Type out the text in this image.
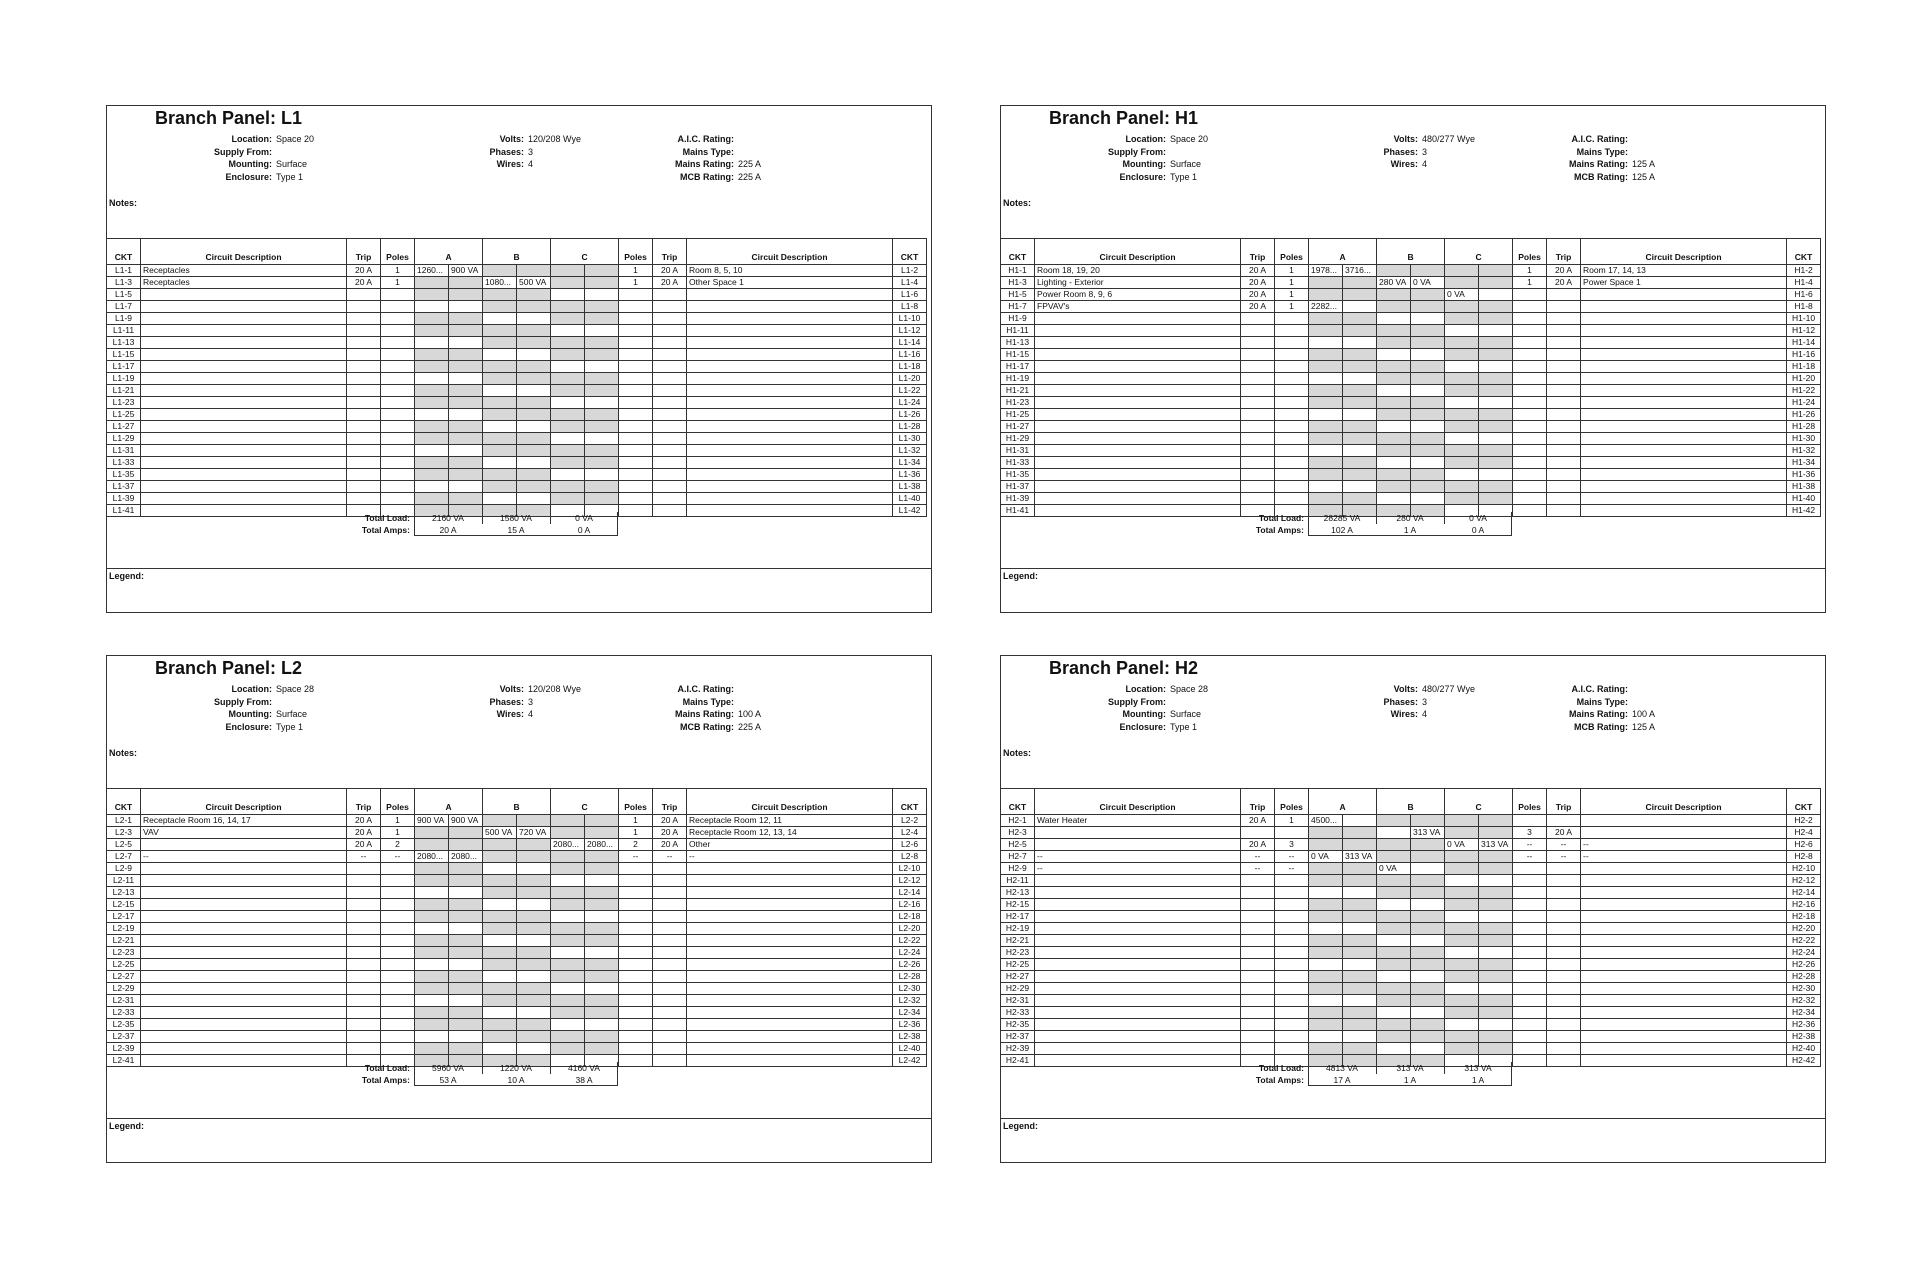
Branch Panel: L1
Location: Space 20
Supply From:
Mounting: Surface
Enclosure: Type 1
Volts: 120/208 Wye
Phases: 3
Wires: 4
A.I.C. Rating:
Mains Type:
Mains Rating: 225 A
MCB Rating: 225 A
Notes:
CKT	Circuit Description	Trip	Poles	A		B		C		Poles	Trip	Circuit Description	CKT
L1-1	Receptacles	20 A	1	1260...	900 VA					1	20 A	Room 8, 5, 10	L1-2
L1-3	Receptacles	20 A	1			1080...	500 VA			1	20 A	Other Space 1	L1-4
L1-5													L1-6
L1-7													L1-8
L1-9													L1-10
L1-11													L1-12
L1-13													L1-14
L1-15													L1-16
L1-17													L1-18
L1-19													L1-20
L1-21													L1-22
L1-23													L1-24
L1-25													L1-26
L1-27													L1-28
L1-29													L1-30
L1-31													L1-32
L1-33													L1-34
L1-35													L1-36
L1-37													L1-38
L1-39													L1-40
L1-41													L1-42
Total Load:	2160 VA	1580 VA	0 VA
Total Amps:	20 A	15 A	0 A
Legend:
Branch Panel: H1
Location: Space 20
Supply From:
Mounting: Surface
Enclosure: Type 1
Volts: 480/277 Wye
Phases: 3
Wires: 4
A.I.C. Rating:
Mains Type:
Mains Rating: 125 A
MCB Rating: 125 A
Notes:
CKT	Circuit Description	Trip	Poles	A		B		C		Poles	Trip	Circuit Description	CKT
H1-1	Room 18, 19, 20	20 A	1	1978...	3716...					1	20 A	Room 17, 14, 13	H1-2
H1-3	Lighting - Exterior	20 A	1			280 VA	0 VA			1	20 A	Power Space 1	H1-4
H1-5	Power Room 8, 9, 6	20 A	1					0 VA					H1-6
H1-7	FPVAV's	20 A	1	2282...									H1-8
H1-9													H1-10
H1-11													H1-12
H1-13													H1-14
H1-15													H1-16
H1-17													H1-18
H1-19													H1-20
H1-21													H1-22
H1-23													H1-24
H1-25													H1-26
H1-27													H1-28
H1-29													H1-30
H1-31													H1-32
H1-33													H1-34
H1-35													H1-36
H1-37													H1-38
H1-39													H1-40
H1-41													H1-42
Total Load:	28285 VA	280 VA	0 VA
Total Amps:	102 A	1 A	0 A
Legend:
Branch Panel: L2
Location: Space 28
Supply From:
Mounting: Surface
Enclosure: Type 1
Volts: 120/208 Wye
Phases: 3
Wires: 4
A.I.C. Rating:
Mains Type:
Mains Rating: 100 A
MCB Rating: 225 A
Notes:
CKT	Circuit Description	Trip	Poles	A		B		C		Poles	Trip	Circuit Description	CKT
L2-1	Receptacle Room 16, 14, 17	20 A	1	900 VA	900 VA					1	20 A	Receptacle Room 12, 11	L2-2
L2-3	VAV	20 A	1			500 VA	720 VA			1	20 A	Receptacle Room 12, 13, 14	L2-4
L2-5		20 A	2					2080...	2080...	2	20 A	Other	L2-6
L2-7	--	--	--	2080...	2080...					--	--	--	L2-8
L2-9													L2-10
L2-11													L2-12
L2-13													L2-14
L2-15													L2-16
L2-17													L2-18
L2-19													L2-20
L2-21													L2-22
L2-23													L2-24
L2-25													L2-26
L2-27													L2-28
L2-29													L2-30
L2-31													L2-32
L2-33													L2-34
L2-35													L2-36
L2-37													L2-38
L2-39													L2-40
L2-41													L2-42
Total Load:	5960 VA	1220 VA	4160 VA
Total Amps:	53 A	10 A	38 A
Legend:
Branch Panel: H2
Location: Space 28
Supply From:
Mounting: Surface
Enclosure: Type 1
Volts: 480/277 Wye
Phases: 3
Wires: 4
A.I.C. Rating:
Mains Type:
Mains Rating: 100 A
MCB Rating: 125 A
Notes:
CKT	Circuit Description	Trip	Poles	A		B		C		Poles	Trip	Circuit Description	CKT
H2-1	Water Heater	20 A	1	4500...									H2-2
H2-3							313 VA			3	20 A		H2-4
H2-5		20 A	3					0 VA	313 VA	--	--	--	H2-6
H2-7	--	--	--	0 VA	313 VA					--	--	--	H2-8
H2-9	--	--	--			0 VA							H2-10
H2-11													H2-12
H2-13													H2-14
H2-15													H2-16
H2-17													H2-18
H2-19													H2-20
H2-21													H2-22
H2-23													H2-24
H2-25													H2-26
H2-27													H2-28
H2-29													H2-30
H2-31													H2-32
H2-33													H2-34
H2-35													H2-36
H2-37													H2-38
H2-39													H2-40
H2-41													H2-42
Total Load:	4813 VA	313 VA	313 VA
Total Amps:	17 A	1 A	1 A
Legend:
